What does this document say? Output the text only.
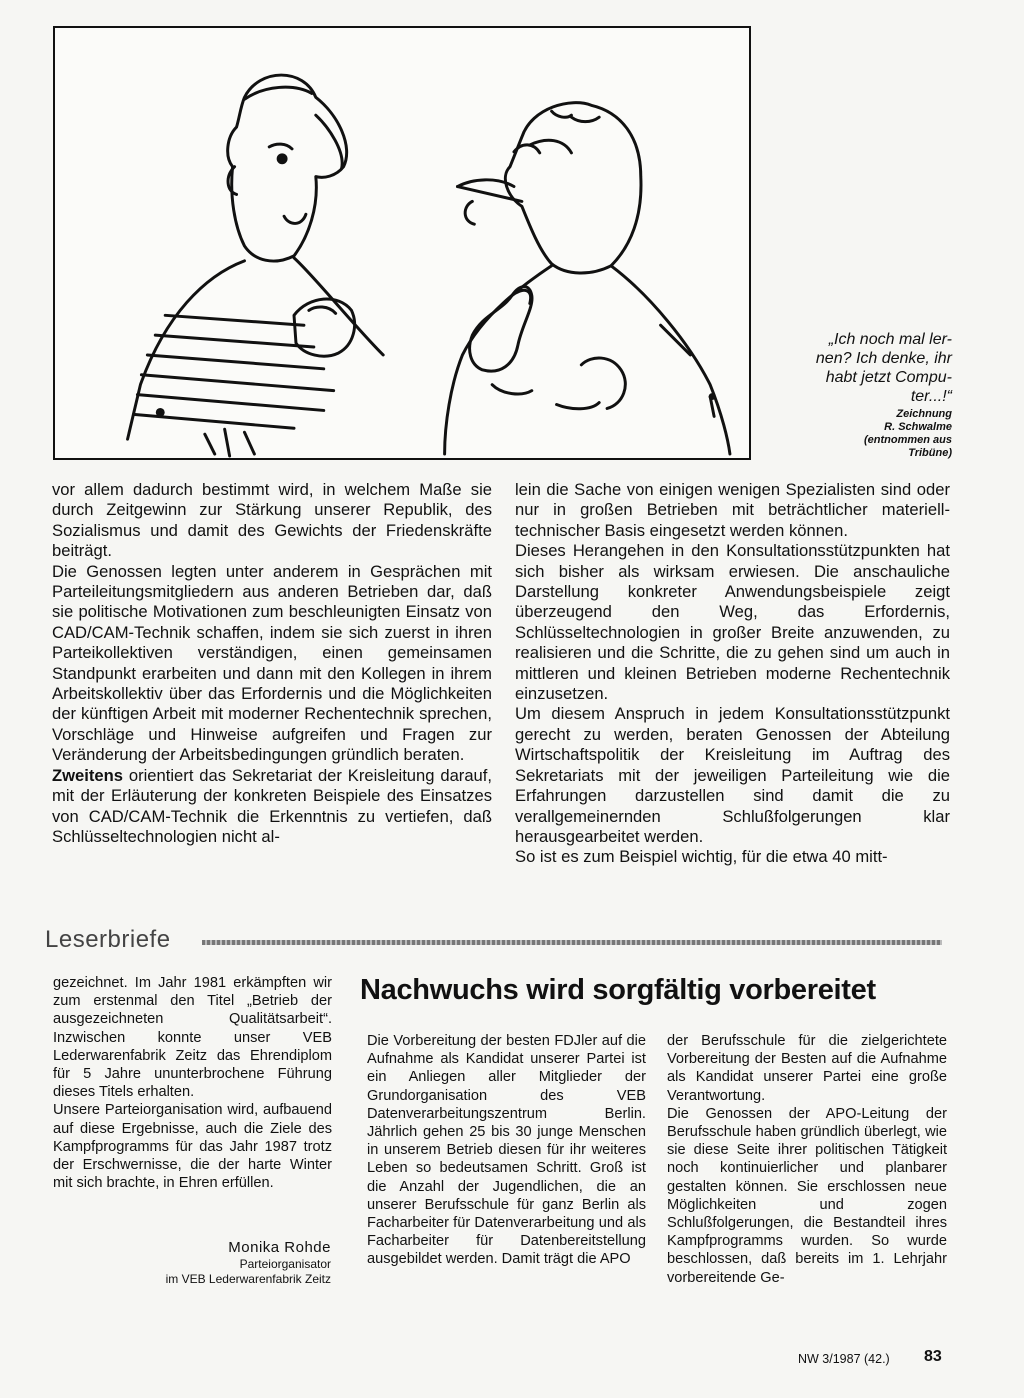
„Ich noch mal ler-
nen? Ich denke, ihr
habt jetzt Compu-
ter...!“
Zeichnung
R. Schwalme
(entnommen aus
Tribüne)

vor allem dadurch bestimmt wird, in welchem Maße sie durch Zeitgewinn zur Stärkung unserer Republik, des Sozialismus und damit des Gewichts der Friedenskräfte beiträgt.

Die Genossen legten unter anderem in Gesprächen mit Parteileitungsmitgliedern aus anderen Betrieben dar, daß sie politische Motivationen zum beschleunigten Einsatz von CAD/CAM-Technik schaffen, indem sie sich zuerst in ihren Parteikollektiven verständigen, einen gemeinsamen Standpunkt erarbeiten und dann mit den Kollegen in ihrem Arbeitskollektiv über das Erfordernis und die Möglichkeiten der künftigen Arbeit mit moderner Rechentechnik sprechen, Vorschläge und Hinweise aufgreifen und Fragen zur Veränderung der Arbeitsbedingungen gründlich beraten.

Zweitens orientiert das Sekretariat der Kreisleitung darauf, mit der Erläuterung der konkreten Beispiele des Einsatzes von CAD/CAM-Technik die Erkenntnis zu vertiefen, daß Schlüsseltechnologien nicht al-

lein die Sache von einigen wenigen Spezialisten sind oder nur in großen Betrieben mit beträchtlicher materiell-technischer Basis eingesetzt werden können.

Dieses Herangehen in den Konsultationsstützpunkten hat sich bisher als wirksam erwiesen. Die anschauliche Darstellung konkreter Anwendungsbeispiele zeigt überzeugend den Weg, das Erfordernis, Schlüsseltechnologien in großer Breite anzuwenden, zu realisieren und die Schritte, die zu gehen sind um auch in mittleren und kleinen Betrieben moderne Rechentechnik einzusetzen.

Um diesem Anspruch in jedem Konsultationsstützpunkt gerecht zu werden, beraten Genossen der Abteilung Wirtschaftspolitik der Kreisleitung im Auftrag des Sekretariats mit der jeweiligen Parteileitung wie die Erfahrungen darzustellen sind damit die zu verallgemeinernden Schlußfolgerungen klar herausgearbeitet werden.

So ist es zum Beispiel wichtig, für die etwa 40 mitt-

Leserbriefe

gezeichnet. Im Jahr 1981 erkämpften wir zum erstenmal den Titel „Betrieb der ausgezeichneten Qualitätsarbeit“. Inzwischen konnte unser VEB Lederwarenfabrik Zeitz das Ehrendiplom für 5 Jahre ununterbrochene Führung dieses Titels erhalten.

Unsere Parteiorganisation wird, aufbauend auf diese Ergebnisse, auch die Ziele des Kampfprogramms für das Jahr 1987 trotz der Erschwernisse, die der harte Winter mit sich brachte, in Ehren erfüllen.

Monika Rohde
Parteiorganisator
im VEB Lederwarenfabrik Zeitz
Nachwuchs wird sorgfältig vorbereitet

Die Vorbereitung der besten FDJler auf die Aufnahme als Kandidat unserer Partei ist ein Anliegen aller Mitglieder der Grundorganisation des VEB Datenverarbeitungszentrum Berlin. Jährlich gehen 25 bis 30 junge Menschen in unserem Betrieb diesen für ihr weiteres Leben so bedeutsamen Schritt. Groß ist die Anzahl der Jugendlichen, die an unserer Berufsschule für ganz Berlin als Facharbeiter für Datenverarbeitung und als Facharbeiter für Datenbereitstellung ausgebildet werden. Damit trägt die APO

der Berufsschule für die zielgerichtete Vorbereitung der Besten auf die Aufnahme als Kandidat unserer Partei eine große Verantwortung.

Die Genossen der APO-Leitung der Berufsschule haben gründlich überlegt, wie sie diese Seite ihrer politischen Tätigkeit noch kontinuierlicher und planbarer gestalten können. Sie erschlossen neue Möglichkeiten und zogen Schlußfolgerungen, die Bestandteil ihres Kampfprogramms wurden. So wurde beschlossen, daß bereits im 1. Lehrjahr vorbereitende Ge-

NW 3/1987 (42.) 83
